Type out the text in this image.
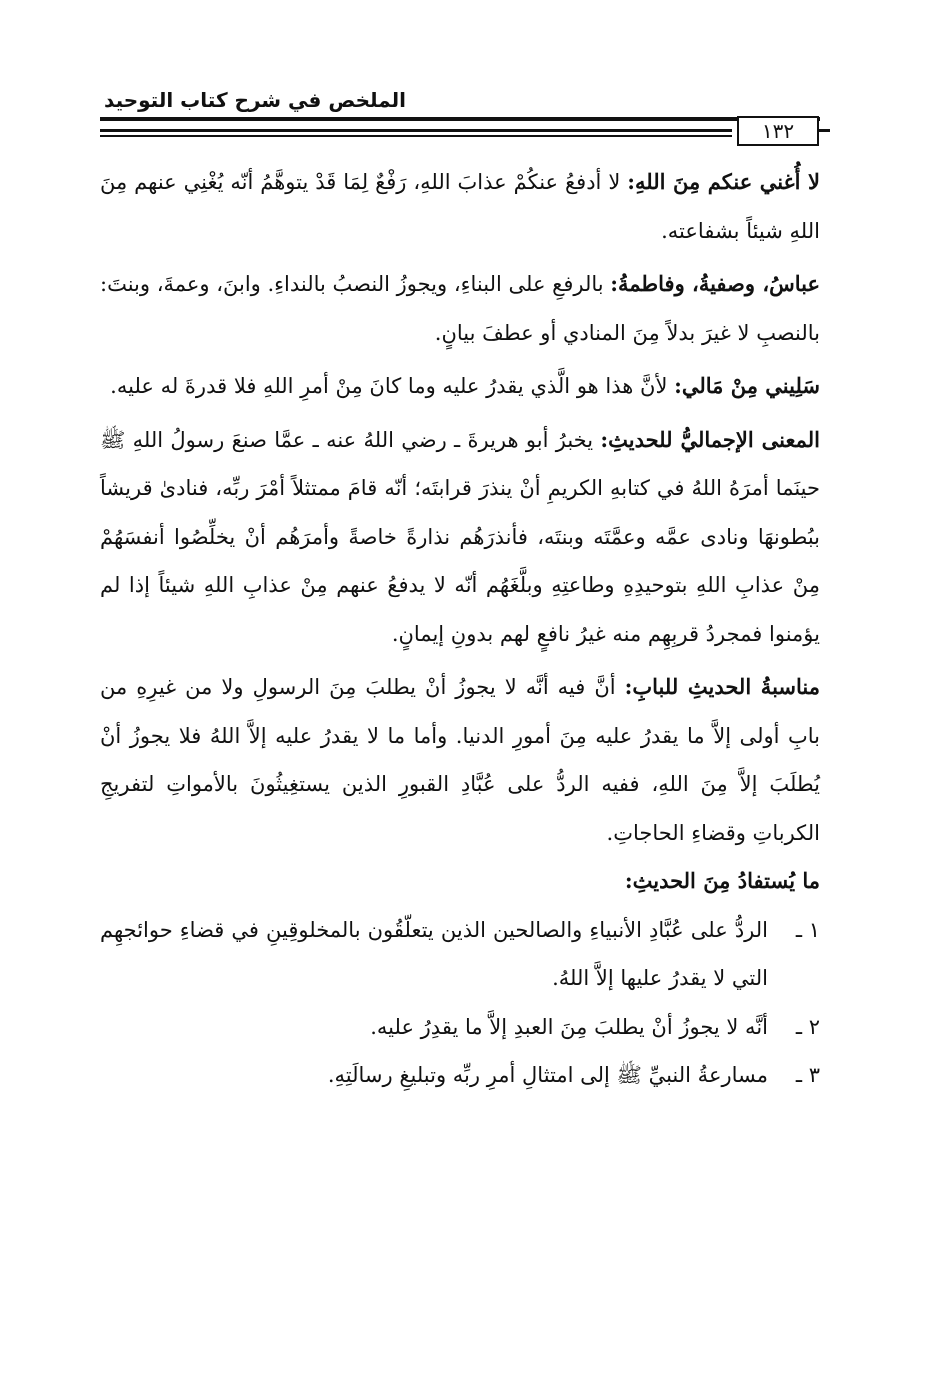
الملخص في شرح كتاب التوحيد
١٣٢

لا أُغني عنكم مِنَ اللهِ: لا أدفعُ عنكُمْ عذابَ اللهِ، رَفْعٌ لِمَا قَدْ يتوهَّمُ أنّه يُغْنِي عنهم مِنَ اللهِ شيئاً بشفاعته.

عباسُ، وصفيةُ، وفاطمةُ: بالرفعِ على البناءِ، ويجوزُ النصبُ بالنداءِ. وابنَ، وعمةَ، وبنتَ: بالنصبِ لا غيرَ بدلاً مِنَ المنادي أو عطفَ بيانٍ.

سَلِيني مِنْ مَالي: لأنَّ هذا هو الَّذي يقدرُ عليه وما كانَ مِنْ أمرِ اللهِ فلا قدرةَ له عليه.

المعنى الإجماليُّ للحديثِ: يخبرُ أبو هريرةَ ـ رضي اللهُ عنه ـ عمَّا صنعَ رسولُ اللهِ ﷺ حينَما أمرَهُ اللهُ في كتابهِ الكريمِ أنْ ينذرَ قرابتَه؛ أنّه قامَ ممتثلاً أمْرَ ربِّه، فنادىٰ قريشاً ببُطونهَا ونادى عمَّه وعمَّتَه وبنتَه، فأنذرَهُم نذارةً خاصةً وأمرَهُم أنْ يخلِّصُوا أنفسَهُمْ مِنْ عذابِ اللهِ بتوحيدِهِ وطاعتِهِ وبلَّغَهُم أنّه لا يدفعُ عنهم مِنْ عذابِ اللهِ شيئاً إذا لم يؤمنوا فمجردُ قربِهِم منه غيرُ نافعٍ لهم بدونِ إيمانٍ.

مناسبةُ الحديثِ للبابِ: أنَّ فيه أنَّه لا يجوزُ أنْ يطلبَ مِنَ الرسولِ ولا من غيرِهِ من بابِ أولى إلاَّ ما يقدرُ عليه مِنَ أمورِ الدنيا. وأما ما لا يقدرُ عليه إلاَّ اللهُ فلا يجوزُ أنْ يُطلَبَ إلاَّ مِنَ اللهِ، ففيه الردُّ على عُبَّادِ القبورِ الذين يستغِيثُونَ بالأمواتِ لتفريجِ الكرباتِ وقضاءِ الحاجاتِ.

ما يُستفادُ مِنَ الحديثِ:
١ ـ
الردُّ على عُبَّادِ الأنبياءِ والصالحين الذين يتعلّقُون بالمخلوقِينِ في قضاءِ حوائجهِم التي لا يقدرُ عليها إلاَّ اللهُ.
٢ ـ
أنَّه لا يجوزُ أنْ يطلبَ مِنَ العبدِ إلاَّ ما يقدِرُ عليه.
٣ ـ
مسارعةُ النبيِّ ﷺ إلى امتثالِ أمرِ ربِّه وتبليغِ رسالَتِهِ.
